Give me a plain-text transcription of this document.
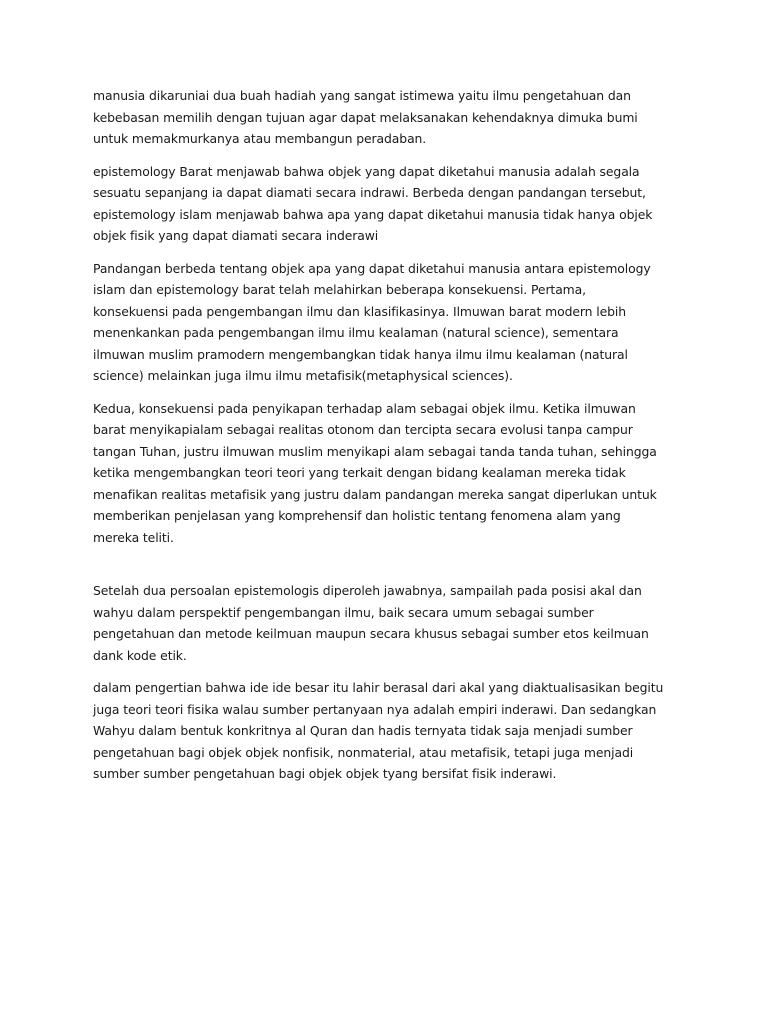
manusia dikaruniai dua buah hadiah yang sangat istimewa yaitu ilmu pengetahuan dan
kebebasan memilih dengan tujuan agar dapat melaksanakan kehendaknya dimuka bumi
untuk memakmurkanya atau membangun peradaban.

epistemology Barat menjawab bahwa objek yang dapat diketahui manusia adalah segala
sesuatu sepanjang ia dapat diamati secara indrawi. Berbeda dengan pandangan tersebut,
epistemology islam menjawab bahwa apa yang dapat diketahui manusia tidak hanya objek
objek fisik yang dapat diamati secara inderawi

Pandangan berbeda tentang objek apa yang dapat diketahui manusia antara epistemology
islam dan epistemology barat telah melahirkan beberapa konsekuensi. Pertama,
konsekuensi pada pengembangan ilmu dan klasifikasinya. Ilmuwan barat modern lebih
menenkankan pada pengembangan ilmu ilmu kealaman (natural science), sementara
ilmuwan muslim pramodern mengembangkan tidak hanya ilmu ilmu kealaman (natural
science) melainkan juga ilmu ilmu metafisik(metaphysical sciences).

Kedua, konsekuensi pada penyikapan terhadap alam sebagai objek ilmu. Ketika ilmuwan
barat menyikapialam sebagai realitas otonom dan tercipta secara evolusi tanpa campur
tangan Tuhan, justru ilmuwan muslim menyikapi alam sebagai tanda tanda tuhan, sehingga
ketika mengembangkan teori teori yang terkait dengan bidang kealaman mereka tidak
menafikan realitas metafisik yang justru dalam pandangan mereka sangat diperlukan untuk
memberikan penjelasan yang komprehensif dan holistic tentang fenomena alam yang
mereka teliti.

Setelah dua persoalan epistemologis diperoleh jawabnya, sampailah pada posisi akal dan
wahyu dalam perspektif pengembangan ilmu, baik secara umum sebagai sumber
pengetahuan dan metode keilmuan maupun secara khusus sebagai sumber etos keilmuan
dank kode etik.

dalam pengertian bahwa ide ide besar itu lahir berasal dari akal yang diaktualisasikan begitu
juga teori teori fisika walau sumber pertanyaan nya adalah empiri inderawi. Dan sedangkan
Wahyu dalam bentuk konkritnya al Quran dan hadis ternyata tidak saja menjadi sumber
pengetahuan bagi objek objek nonfisik, nonmaterial, atau metafisik, tetapi juga menjadi
sumber sumber pengetahuan bagi objek objek tyang bersifat fisik inderawi.
